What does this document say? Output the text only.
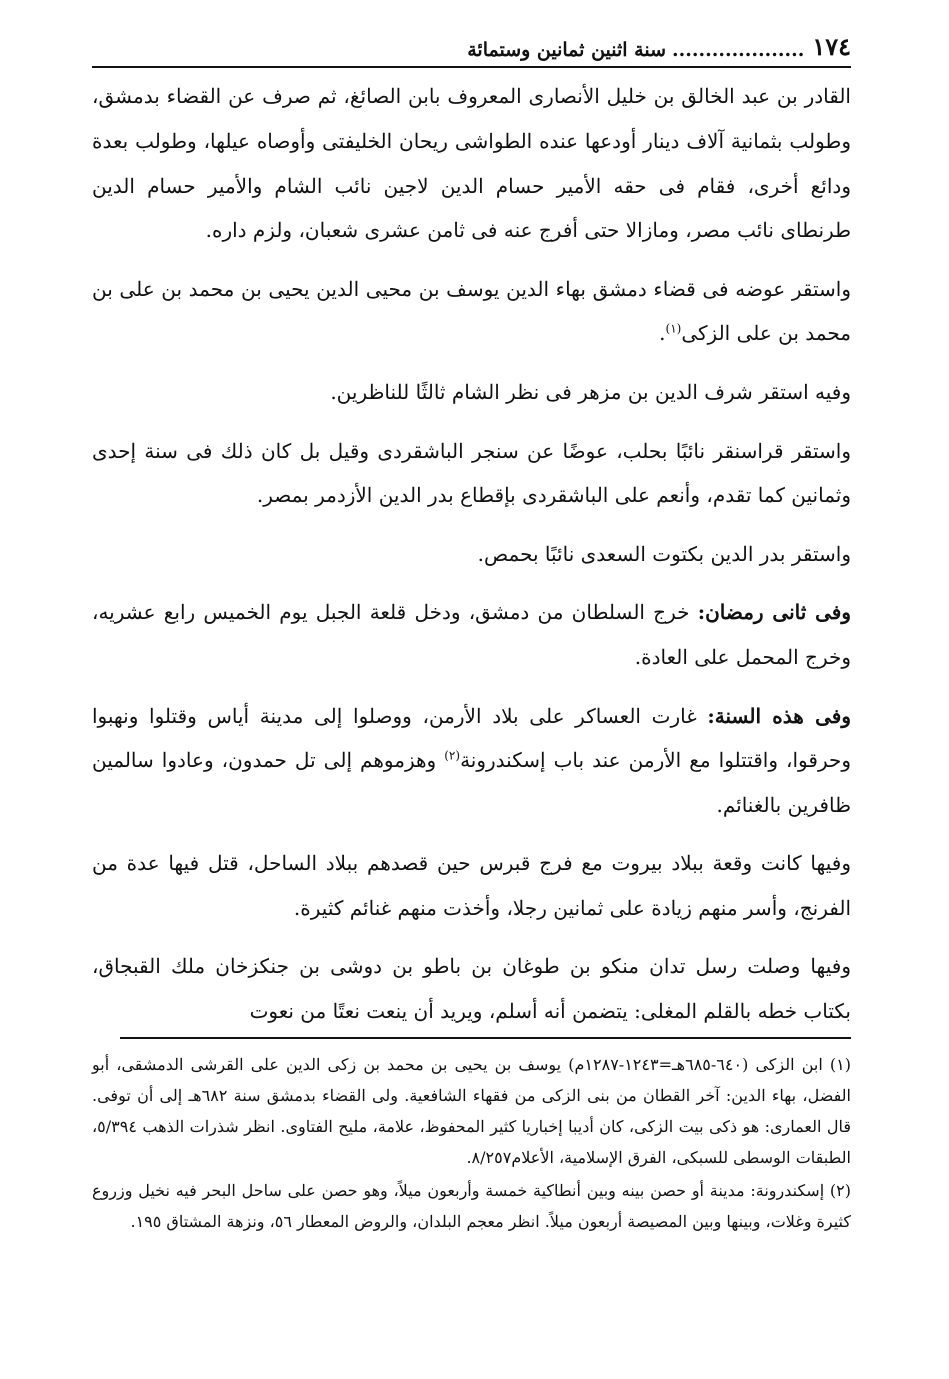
١٧٤
..... سنة اثنين ثمانين وستمائة

القادر بن عبد الخالق بن خليل الأنصارى المعروف بابن الصائغ، ثم صرف عن القضاء بدمشق، وطولب بثمانية آلاف دينار أودعها عنده الطواشى ريحان الخليفتى وأوصاه عيلها، وطولب بعدة ودائع أخرى، فقام فى حقه الأمير حسام الدين لاجين نائب الشام والأمير حسام الدين طرنطاى نائب مصر، ومازالا حتى أفرج عنه فى ثامن عشرى شعبان، ولزم داره.

واستقر عوضه فى قضاء دمشق بهاء الدين يوسف بن محيى الدين يحيى بن محمد بن على بن محمد بن على الزكى$^{(١)}$.

وفيه استقر شرف الدين بن مزهر فى نظر الشام ثالثًا للناظرين.

واستقر قراسنقر نائبًا بحلب، عوضًا عن سنجر الباشقردى وقيل بل كان ذلك فى سنة إحدى وثمانين كما تقدم، وأنعم على الباشقردى بإقطاع بدر الدين الأزدمر بمصر.

واستقر بدر الدين بكتوت السعدى نائبًا بحمص.

وفى ثانى رمضان: خرج السلطان من دمشق، ودخل قلعة الجبل يوم الخميس رابع عشريه، وخرج المحمل على العادة.

وفى هذه السنة: غارت العساكر على بلاد الأرمن، ووصلوا إلى مدينة أياس وقتلوا ونهبوا وحرقوا، واقتتلوا مع الأرمن عند باب إسكندرونة$^{(٢)}$ وهزموهم إلى تل حمدون، وعادوا سالمين ظافرين بالغنائم.

وفيها كانت وقعة ببلاد بيروت مع فرج قبرس حين قصدهم ببلاد الساحل، قتل فيها عدة من الفرنج، وأسر منهم زيادة على ثمانين رجلا، وأخذت منهم غنائم كثيرة.

وفيها وصلت رسل تدان منكو بن طوغان بن باطو بن دوشى بن جنكزخان ملك القبجاق، بكتاب خطه بالقلم المغلى: يتضمن أنه أسلم، ويريد أن ينعت نعتًا من نعوت

(١) ابن الزكى (٦٤٠-٦٨٥هـ=١٢٤٣-١٢٨٧م) يوسف بن يحيى بن محمد بن زكى الدين على القرشى الدمشقى، أبو الفضل، بهاء الدين: آخر القطان من بنى الزكى من فقهاء الشافعية. ولى القضاء بدمشق سنة ٦٨٢هـ إلى أن توفى. قال العمارى: هو ذكى بيت الزكى، كان أديبا إخباريا كثير المحفوظ، علامة، مليح الفتاوى. انظر شذرات الذهب ٥/٣٩٤، الطبقات الوسطى للسبكى، الفرق الإسلامية، الأعلام٨/٢٥٧.

(٢) إسكندرونة: مدينة أو حصن بينه وبين أنطاكية خمسة وأربعون ميلاً، وهو حصن على ساحل البحر فيه نخيل وزروع كثيرة وغلات، وبينها وبين المصيصة أربعون ميلاً. انظر معجم البلدان، والروض المعطار ٥٦، ونزهة المشتاق ١٩٥.
